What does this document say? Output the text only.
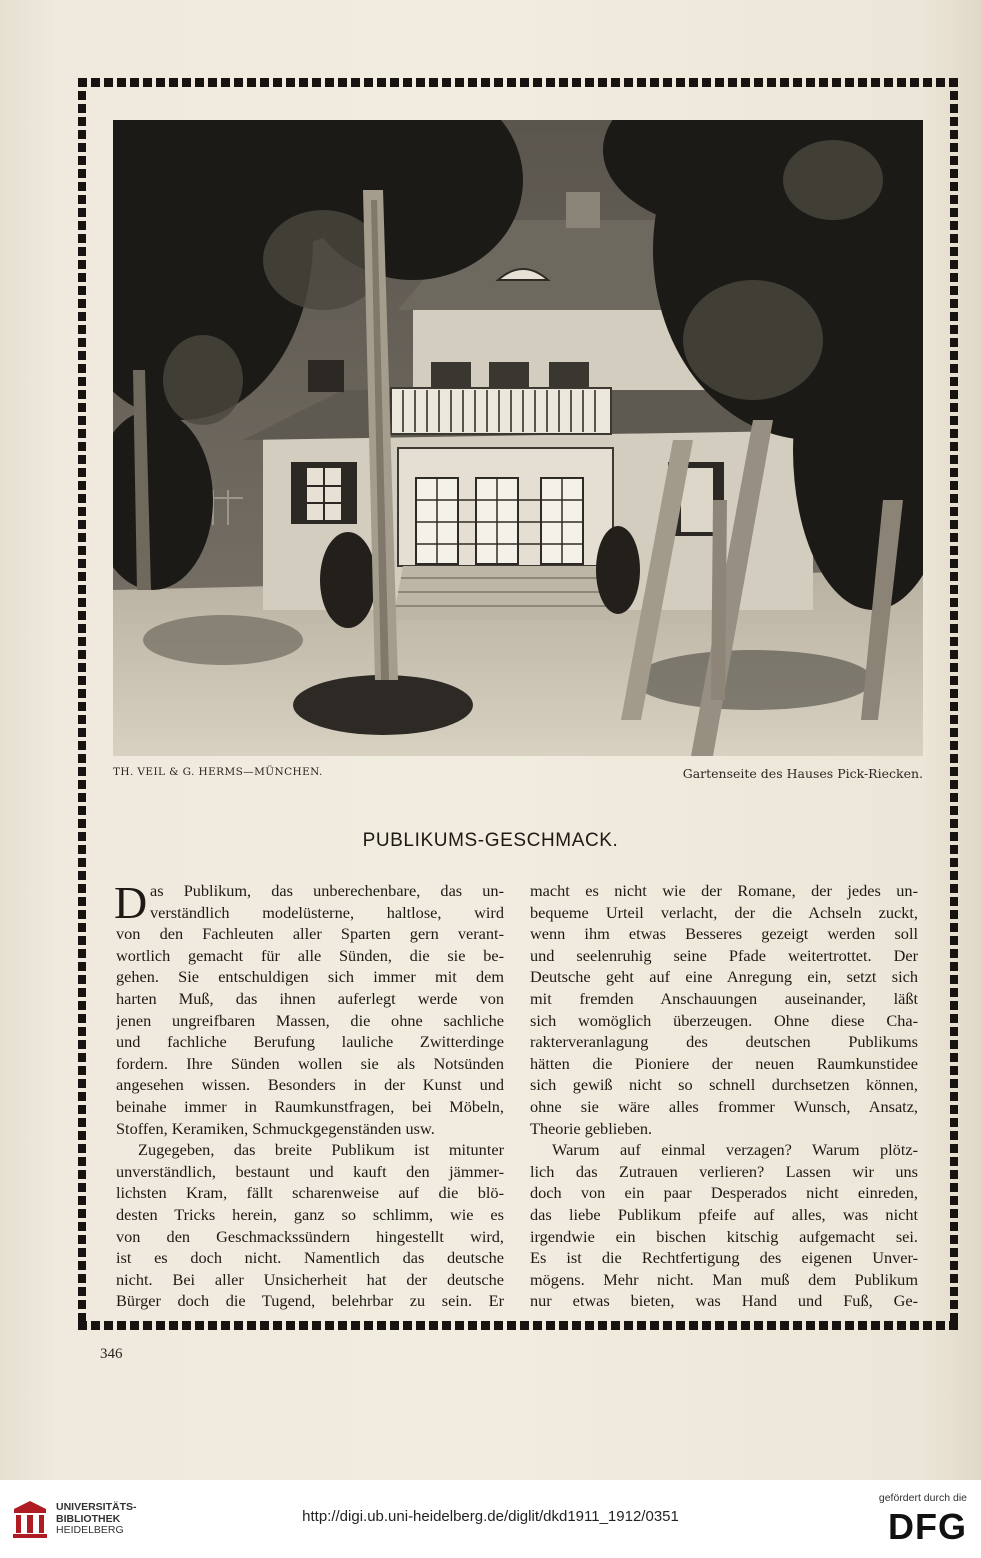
TH. VEIL & G. HERMS—MÜNCHEN.	Gartenseite des Hauses Pick-Riecken.
PUBLIKUMS-GESCHMACK.
D as Publikum, das unberechenbare, das un-
verständlich modelüsterne, haltlose, wird
von den Fachleuten aller Sparten gern verant-
wortlich gemacht für alle Sünden, die sie be-
gehen. Sie entschuldigen sich immer mit dem
harten Muß, das ihnen auferlegt werde von
jenen ungreifbaren Massen, die ohne sachliche
und fachliche Berufung lauliche Zwitterdinge
fordern. Ihre Sünden wollen sie als Notsünden
angesehen wissen. Besonders in der Kunst und
beinahe immer in Raumkunstfragen, bei Möbeln,
Stoffen, Keramiken, Schmuckgegenständen usw.
Zugegeben, das breite Publikum ist mitunter
unverständlich, bestaunt und kauft den jämmer-
lichsten Kram, fällt scharenweise auf die blö-
desten Tricks herein, ganz so schlimm, wie es
von den Geschmackssündern hingestellt wird,
ist es doch nicht. Namentlich das deutsche
nicht. Bei aller Unsicherheit hat der deutsche
Bürger doch die Tugend, belehrbar zu sein. Er
macht es nicht wie der Romane, der jedes un-
bequeme Urteil verlacht, der die Achseln zuckt,
wenn ihm etwas Besseres gezeigt werden soll
und seelenruhig seine Pfade weitertrottet. Der
Deutsche geht auf eine Anregung ein, setzt sich
mit fremden Anschauungen auseinander, läßt
sich womöglich überzeugen. Ohne diese Cha-
rakterveranlagung des deutschen Publikums
hätten die Pioniere der neuen Raumkunstidee
sich gewiß nicht so schnell durchsetzen können,
ohne sie wäre alles frommer Wunsch, Ansatz,
Theorie geblieben.
Warum auf einmal verzagen? Warum plötz-
lich das Zutrauen verlieren? Lassen wir uns
doch von ein paar Desperados nicht einreden,
das liebe Publikum pfeife auf alles, was nicht
irgendwie ein bischen kitschig aufgemacht sei.
Es ist die Rechtfertigung des eigenen Unver-
mögens. Mehr nicht. Man muß dem Publikum
nur etwas bieten, was Hand und Fuß, Ge-
346
UNIVERSITÄTS-
BIBLIOTHEK
HEIDELBERG
http://digi.ub.uni-heidelberg.de/diglit/dkd1911_1912/0351
gefördert durch die
DFG
